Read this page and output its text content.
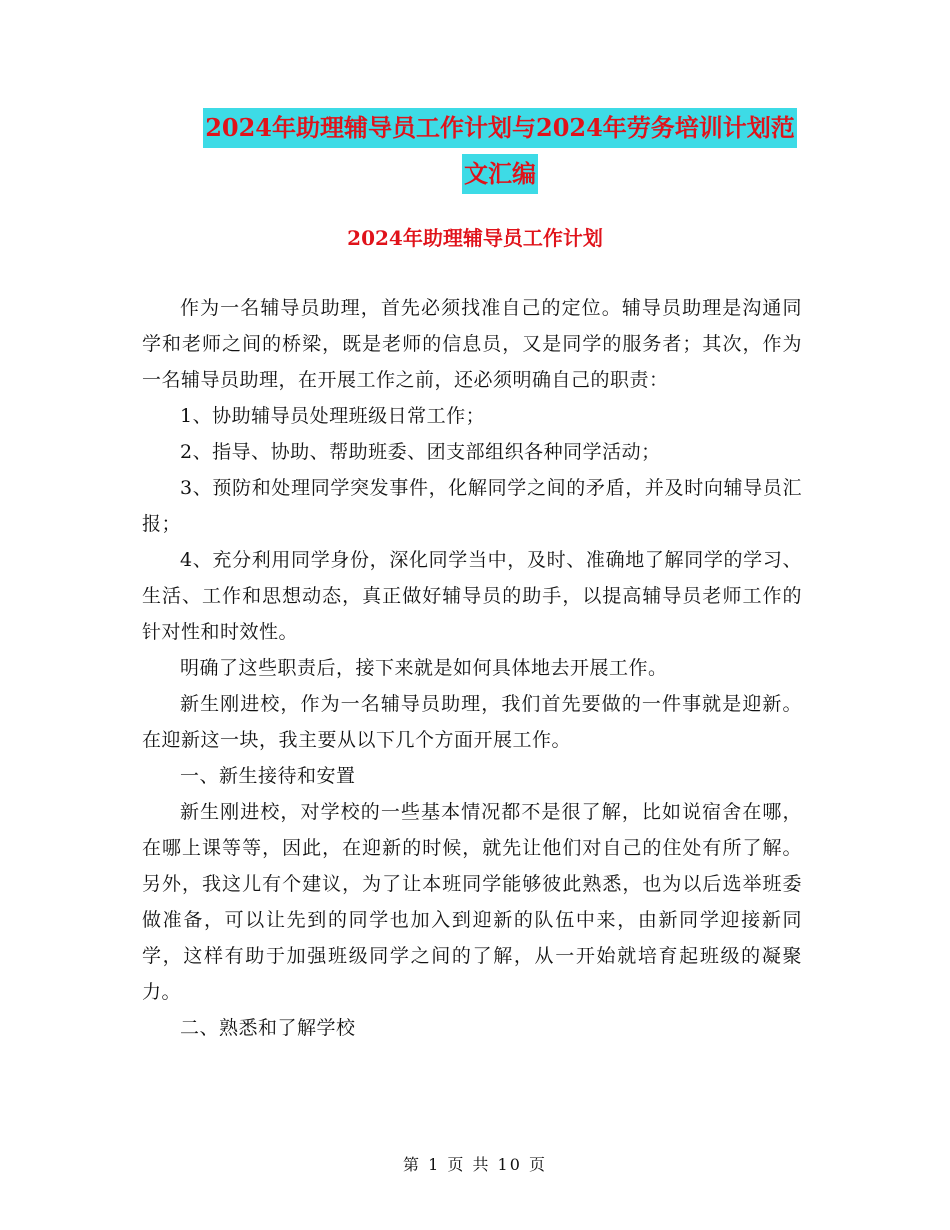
2024年助理辅导员工作计划与2024年劳务培训计划范
文汇编
2024年助理辅导员工作计划

作为一名辅导员助理，首先必须找准自己的定位。辅导员助理是沟通同学和老师之间的桥梁，既是老师的信息员，又是同学的服务者；其次，作为一名辅导员助理，在开展工作之前，还必须明确自己的职责：

1、协助辅导员处理班级日常工作；

2、指导、协助、帮助班委、团支部组织各种同学活动；

3、预防和处理同学突发事件，化解同学之间的矛盾，并及时向辅导员汇报；

4、充分利用同学身份，深化同学当中，及时、准确地了解同学的学习、生活、工作和思想动态，真正做好辅导员的助手，以提高辅导员老师工作的针对性和时效性。

明确了这些职责后，接下来就是如何具体地去开展工作。

新生刚进校，作为一名辅导员助理，我们首先要做的一件事就是迎新。在迎新这一块，我主要从以下几个方面开展工作。

一、新生接待和安置

新生刚进校，对学校的一些基本情况都不是很了解，比如说宿舍在哪，在哪上课等等，因此，在迎新的时候，就先让他们对自己的住处有所了解。另外，我这儿有个建议，为了让本班同学能够彼此熟悉，也为以后选举班委做准备，可以让先到的同学也加入到迎新的队伍中来，由新同学迎接新同学，这样有助于加强班级同学之间的了解，从一开始就培育起班级的凝聚力。

二、熟悉和了解学校

第 1 页 共 10 页
